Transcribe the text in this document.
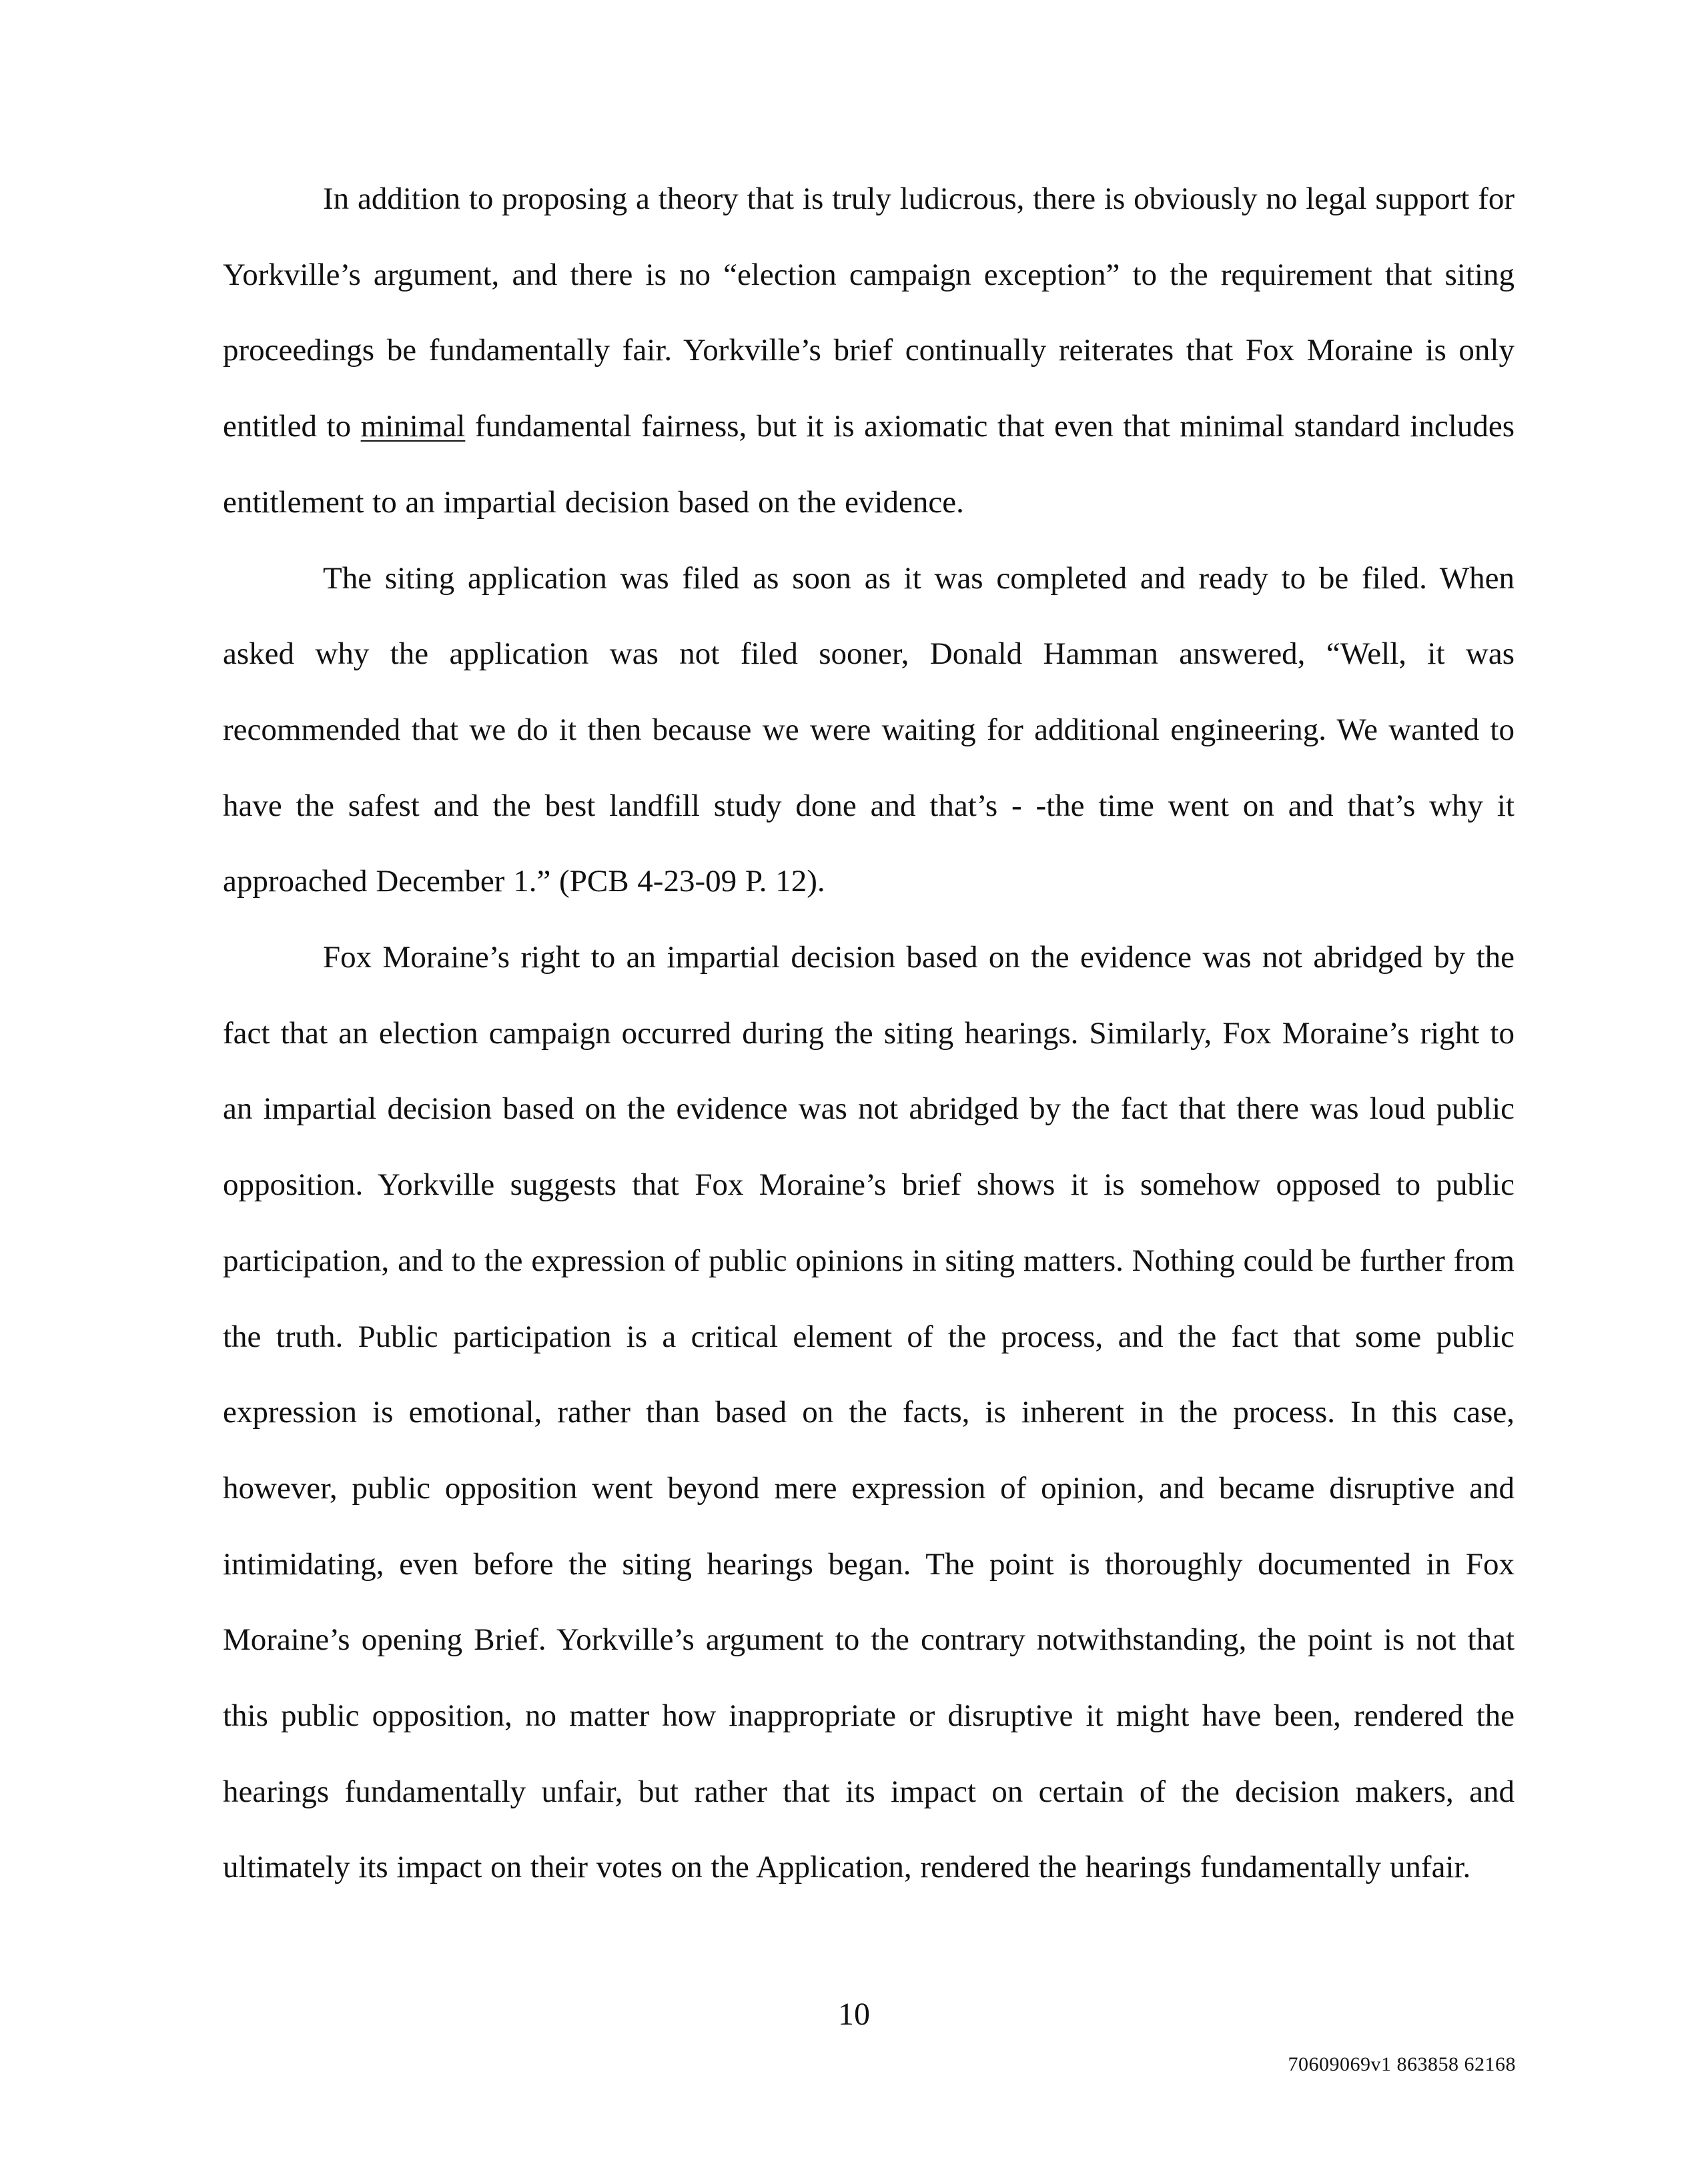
In addition to proposing a theory that is truly ludicrous, there is obviously no legal support for Yorkville’s argument, and there is no “election campaign exception” to the requirement that siting proceedings be fundamentally fair. Yorkville’s brief continually reiterates that Fox Moraine is only entitled to minimal fundamental fairness, but it is axiomatic that even that minimal standard includes entitlement to an impartial decision based on the evidence.

The siting application was filed as soon as it was completed and ready to be filed. When asked why the application was not filed sooner, Donald Hamman answered, “Well, it was recommended that we do it then because we were waiting for additional engineering. We wanted to have the safest and the best landfill study done and that’s - -the time went on and that’s why it approached December 1.” (PCB 4-23-09 P. 12).

Fox Moraine’s right to an impartial decision based on the evidence was not abridged by the fact that an election campaign occurred during the siting hearings. Similarly, Fox Moraine’s right to an impartial decision based on the evidence was not abridged by the fact that there was loud public opposition. Yorkville suggests that Fox Moraine’s brief shows it is somehow opposed to public participation, and to the expression of public opinions in siting matters. Nothing could be further from the truth. Public participation is a critical element of the process, and the fact that some public expression is emotional, rather than based on the facts, is inherent in the process. In this case, however, public opposition went beyond mere expression of opinion, and became disruptive and intimidating, even before the siting hearings began. The point is thoroughly documented in Fox Moraine’s opening Brief. Yorkville’s argument to the contrary notwithstanding, the point is not that this public opposition, no matter how inappropriate or disruptive it might have been, rendered the hearings fundamentally unfair, but rather that its impact on certain of the decision makers, and ultimately its impact on their votes on the Application, rendered the hearings fundamentally unfair.

10
70609069v1 863858 62168
